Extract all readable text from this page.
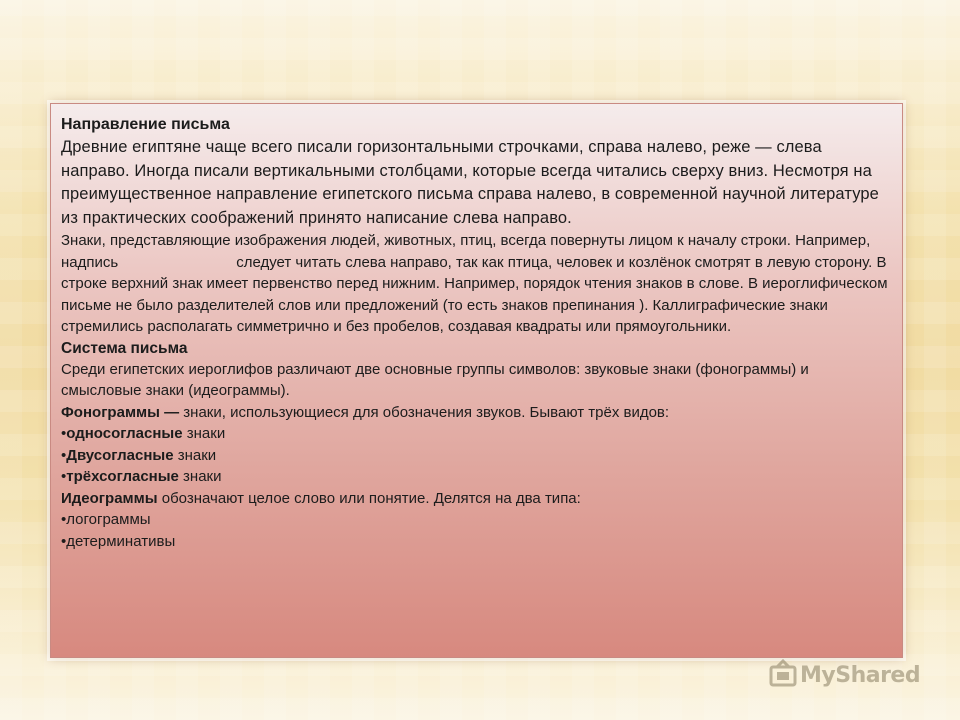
Направление письма

Древние египтяне чаще всего писали горизонтальными строчками, справа налево, реже — слева направо. Иногда писали вертикальными столбцами, которые всегда читались сверху вниз. Несмотря на преимущественное направление египетского письма справа налево, в современной научной литературе из практических соображений принято написание слева направо.

Знаки, представляющие изображения людей, животных, птиц, всегда повернуты лицом к началу строки. Например, надпись	следует читать слева направо, так как птица, человек и козлёнок смотрят в левую сторону. В строке верхний знак имеет первенство перед нижним. Например, порядок чтения знаков в слове. В иероглифическом письме не было разделителей слов или предложений (то есть знаков препинания ). Каллиграфические знаки стремились располагать симметрично и без пробелов, создавая квадраты или прямоугольники.

Система письма

Среди египетских иероглифов различают две основные группы символов: звуковые знаки (фонограммы) и смысловые знаки (идеограммы).

Фонограммы — знаки, использующиеся для обозначения звуков. Бывают трёх видов:

•односогласные знаки

•Двусогласные знаки

•трёхсогласные знаки

Идеограммы обозначают целое слово или понятие. Делятся на два типа:

•логограммы

•детерминативы

MyShared
